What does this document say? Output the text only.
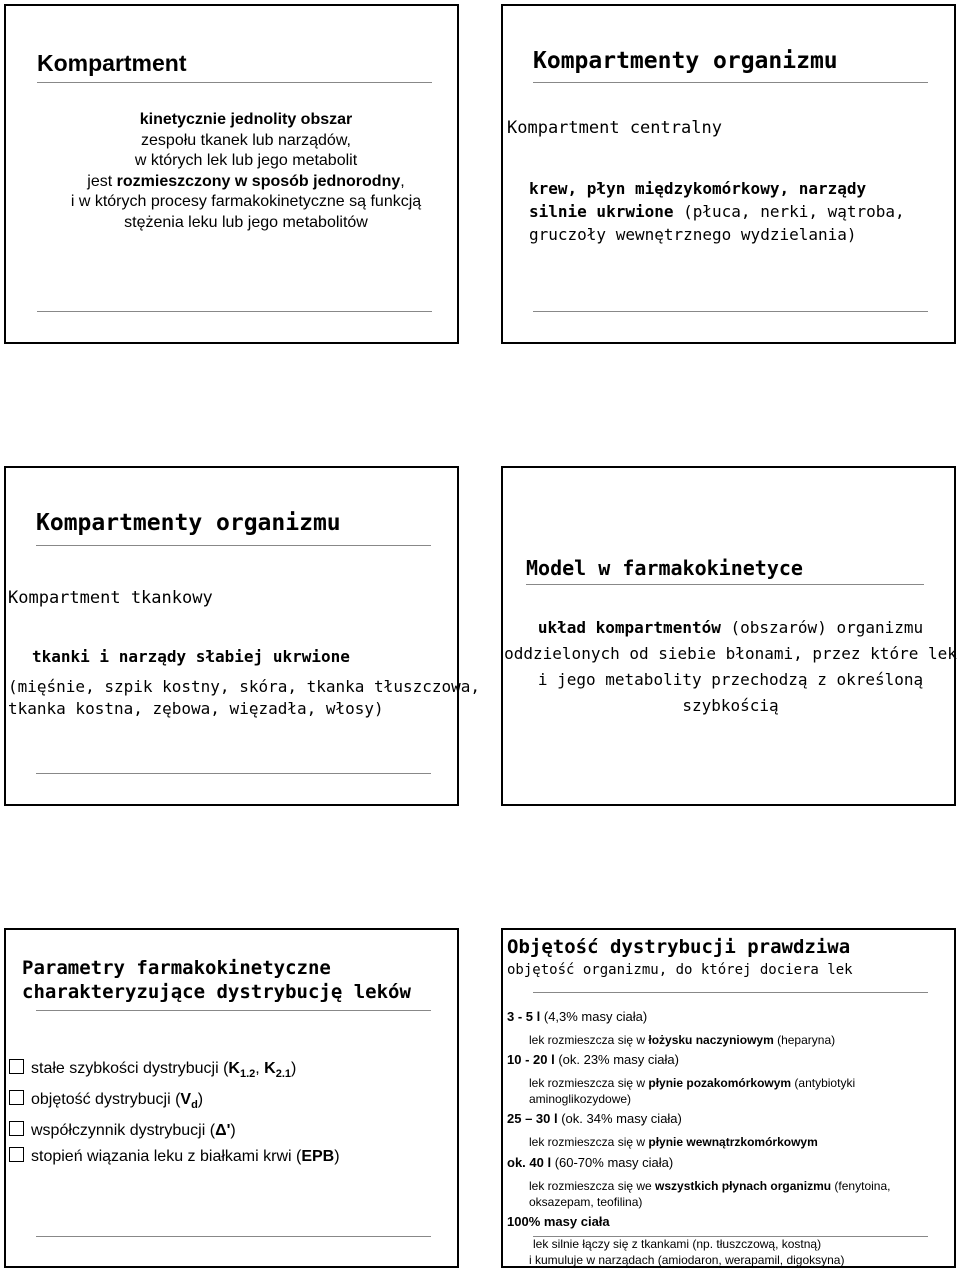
Kompartment
kinetycznie jednolity obszar
zespołu tkanek lub narządów,
w których lek lub jego metabolit
jest rozmieszczony w sposób jednorodny,
i w których procesy farmakokinetyczne są funkcją
stężenia leku lub jego metabolitów
Kompartmenty organizmu
Kompartment centralny
krew, płyn międzykomórkowy, narządy
silnie ukrwione (płuca, nerki, wątroba,
gruczoły wewnętrznego wydzielania)
Kompartmenty organizmu
Kompartment tkankowy
tkanki i narządy słabiej ukrwione
(mięśnie, szpik kostny, skóra, tkanka tłuszczowa,
tkanka kostna, zębowa, więzadła, włosy)
Model w farmakokinetyce
układ kompartmentów (obszarów) organizmu
oddzielonych od siebie błonami, przez które lek
i jego metabolity przechodzą z określoną
szybkością
Parametry farmakokinetyczne
charakteryzujące dystrybucję leków
stałe szybkości dystrybucji ($K_{1.2}$, $K_{2.1}$)
objętość dystrybucji $(V_d)$
współczynnik dystrybucji (Δ')
stopień wiązania leku z białkami krwi (EPB)
Objętość dystrybucji prawdziwa
objętość organizmu, do której dociera lek
3 - 5 l (4,3% masy ciała)
lek rozmieszcza się w łożysku naczyniowym (heparyna)
10 - 20 l (ok. 23% masy ciała)
lek rozmieszcza się w płynie pozakomórkowym (antybiotyki aminoglikozydowe)
25 – 30 l (ok. 34% masy ciała)
lek rozmieszcza się w płynie wewnątrzkomórkowym
ok. 40 l (60-70% masy ciała)
lek rozmieszcza się we wszystkich płynach organizmu (fenytoina, oksazepam, teofilina)
100% masy ciała
lek silnie łączy się z tkankami (np. tłuszczową, kostną)
i kumuluje w narządach (amiodaron, werapamil, digoksyna)
